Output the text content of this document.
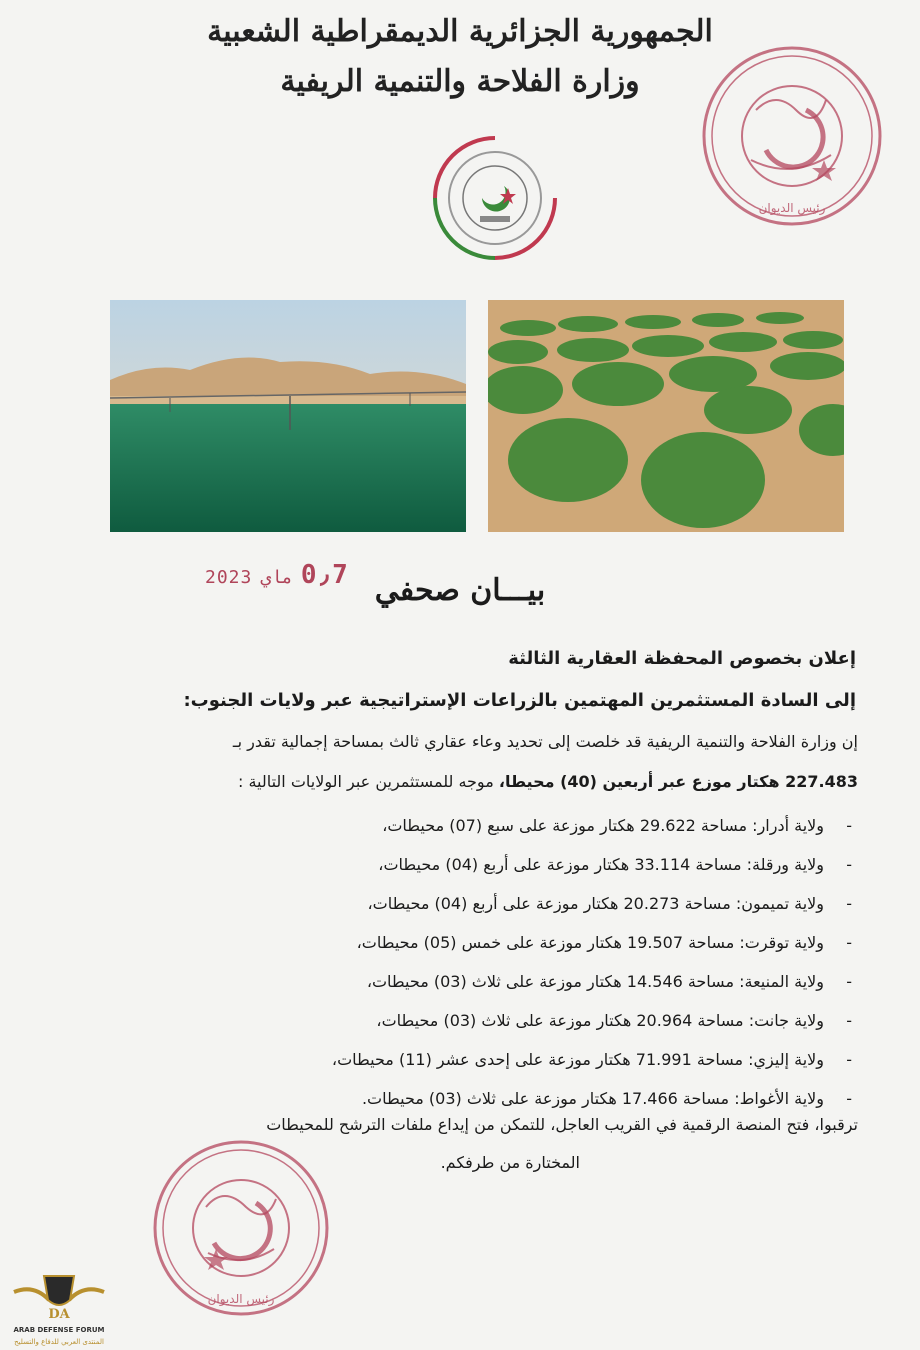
الجمهورية الجزائرية الديمقراطية الشعبية
وزارة الفلاحة والتنمية الريفية
رئيس الديوان
2023 ماي 0٫7 بيـــان صحفي
إعلان بخصوص المحفظة العقارية الثالثة
إلى السادة المستثمرين المهتمين بالزراعات الإستراتيجية عبر ولايات الجنوب:
إن وزارة الفلاحة والتنمية الريفية قد خلصت إلى تحديد وعاء عقاري ثالث بمساحة إجمالية تقدر بـ
227.483 هكتار موزع عبر أربعين (40) محيطا، موجه للمستثمرين عبر الولايات التالية :
-
ولاية أدرار: مساحة 29.622 هكتار موزعة على سبع (07) محيطات،
-
ولاية ورقلة: مساحة 33.114 هكتار موزعة على أربع (04) محيطات،
-
ولاية تميمون: مساحة 20.273 هكتار موزعة على أربع (04) محيطات،
-
ولاية توقرت: مساحة 19.507 هكتار موزعة على خمس (05) محيطات،
-
ولاية المنيعة: مساحة 14.546 هكتار موزعة على ثلاث (03) محيطات،
-
ولاية جانت: مساحة 20.964 هكتار موزعة على ثلاث (03) محيطات،
-
ولاية إليزي: مساحة 71.991 هكتار موزعة على إحدى عشر (11) محيطات،
-
ولاية الأغواط: مساحة 17.466 هكتار موزعة على ثلاث (03) محيطات.
ترقبوا، فتح المنصة الرقمية في القريب العاجل، للتمكن من إيداع ملفات الترشح للمحيطات
المختارة من طرفكم.
رئيس الديوان
DA
ARAB DEFENSE FORUM
المنتدى العربي للدفاع والتسليح
